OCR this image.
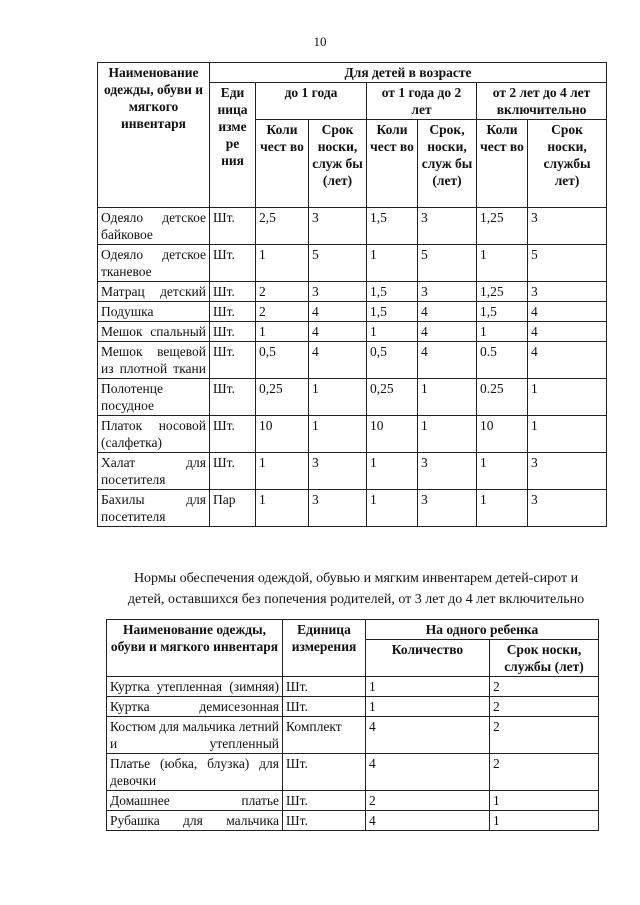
10
Наименование одежды, обуви и мягкого инвентаря	Для детей в возрасте						
	Еди ница изме ре ния	до 1 года		от 1 года до 2 лет		от 2 лет до 4 лет включительно	
		Коли чест во	Срок носки, служ бы (лет)	Коли чест во	Срок, носки, служ бы (лет)	Коли чест во	Срок носки, службы лет)
Одеяло детское байковое	Шт.	2,5	3	1,5	3	1,25	3
Одеяло детское тканевое	Шт.	1	5	1	5	1	5
Матрац детский	Шт.	2	3	1,5	3	1,25	3
Подушка	Шт.	2	4	1,5	4	1,5	4
Мешок спальный	Шт.	1	4	1	4	1	4
Мешок вещевой из плотной ткани	Шт.	0,5	4	0,5	4	0.5	4
Полотенце посудное	Шт.	0,25	1	0,25	1	0.25	1
Платок носовой (салфетка)	Шт.	10	1	10	1	10	1
Халат для посетителя	Шт.	1	3	1	3	1	3
Бахилы для посетителя	Пар	1	3	1	3	1	3

Нормы обеспечения одеждой, обувью и мягким инвентарем детей-сирот и

детей, оставшихся без попечения родителей, от 3 лет до 4 лет включительно

Наименование одежды, обуви и мягкого инвентаря	Единица измерения	На одного ребенка	
		Количество	Срок носки, службы (лет)
Куртка утепленная (зимняя)	Шт.	1	2
Куртка демисезонная	Шт.	1	2
Костюм для мальчика летний и утепленный	Комплект	4	2
Платье (юбка, блузка) для девочки	Шт.	4	2
Домашнее платье	Шт.	2	1
Рубашка для мальчика	Шт.	4	1
